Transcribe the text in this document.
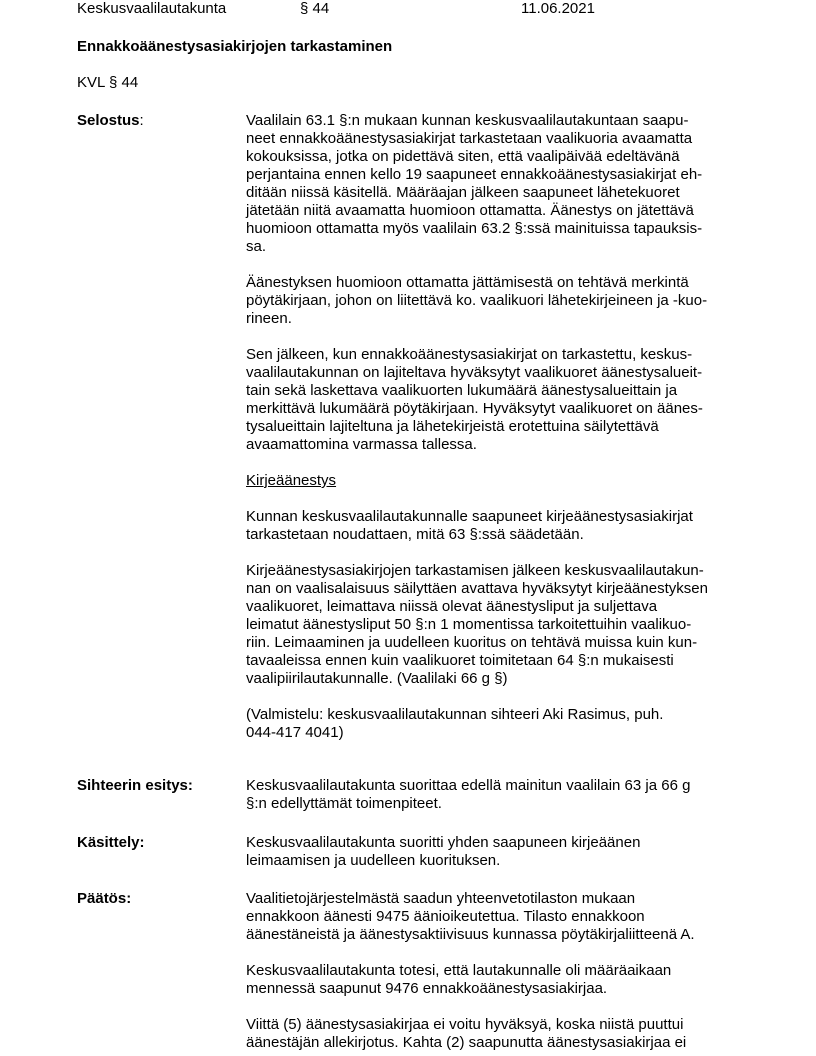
Keskusvaalilautakunta	§ 44	11.06.2021
Ennakkoäänestysasiakirjojen tarkastaminen
KVL § 44
Selostus:	Vaalilain 63.1 §:n mukaan kunnan keskusvaalilautakuntaan saapu-
neet ennakkoäänestysasiakirjat tarkastetaan vaalikuoria avaamatta
kokouksissa, jotka on pidettävä siten, että vaalipäivää edeltävänä
perjantaina ennen kello 19 saapuneet ennakkoäänestysasiakirjat eh-
ditään niissä käsitellä. Määräajan jälkeen saapuneet lähetekuoret
jätetään niitä avaamatta huomioon ottamatta. Äänestys on jätettävä
huomioon ottamatta myös vaalilain 63.2 §:ssä mainituissa tapauksis-
sa.

Äänestyksen huomioon ottamatta jättämisestä on tehtävä merkintä
pöytäkirjaan, johon on liitettävä ko. vaalikuori lähetekirjeineen ja -kuo-
rineen.

Sen jälkeen, kun ennakkoäänestysasiakirjat on tarkastettu, keskus-
vaalilautakunnan on lajiteltava hyväksytyt vaalikuoret äänestysalueit-
tain sekä laskettava vaalikuorten lukumäärä äänestysalueittain ja
merkittävä lukumäärä pöytäkirjaan. Hyväksytyt vaalikuoret on äänes-
tysalueittain lajiteltuna ja lähetekirjeistä erotettuina säilytettävä
avaamattomina varmassa tallessa.

Kirjeäänestys

Kunnan keskusvaalilautakunnalle saapuneet kirjeäänestysasiakirjat
tarkastetaan noudattaen, mitä 63 §:ssä säädetään.

Kirjeäänestysasiakirjojen tarkastamisen jälkeen keskusvaalilautakun-
nan on vaalisalaisuus säilyttäen avattava hyväksytyt kirjeäänestyksen
vaalikuoret, leimattava niissä olevat äänestysliput ja suljettava
leimatut äänestysliput 50 §:n 1 momentissa tarkoitettuihin vaalikuo-
riin. Leimaaminen ja uudelleen kuoritus on tehtävä muissa kuin kun-
tavaaleissa ennen kuin vaalikuoret toimitetaan 64 §:n mukaisesti
vaalipiirilautakunnalle. (Vaalilaki 66 g §)

(Valmistelu: keskusvaalilautakunnan sihteeri Aki Rasimus, puh.
044-417 4041)

Sihteerin esitys:	Keskusvaalilautakunta suorittaa edellä mainitun vaalilain 63 ja 66 g
§:n edellyttämät toimenpiteet.

Käsittely:	Keskusvaalilautakunta suoritti yhden saapuneen kirjeäänen
leimaamisen ja uudelleen kuorituksen.

Päätös:	Vaalitietojärjestelmästä saadun yhteenvetotilaston mukaan
ennakkoon äänesti 9475 äänioikeutettua. Tilasto ennakkoon
äänestäneistä ja äänestysaktiivisuus kunnassa pöytäkirjaliitteenä A.

Keskusvaalilautakunta totesi, että lautakunnalle oli määräaikaan
mennessä saapunut 9476 ennakkoäänestysasiakirjaa.

Viittä (5) äänestysasiakirjaa ei voitu hyväksyä, koska niistä puuttui
äänestäjän allekirjotus. Kahta (2) saapunutta äänestysasiakirjaa ei
